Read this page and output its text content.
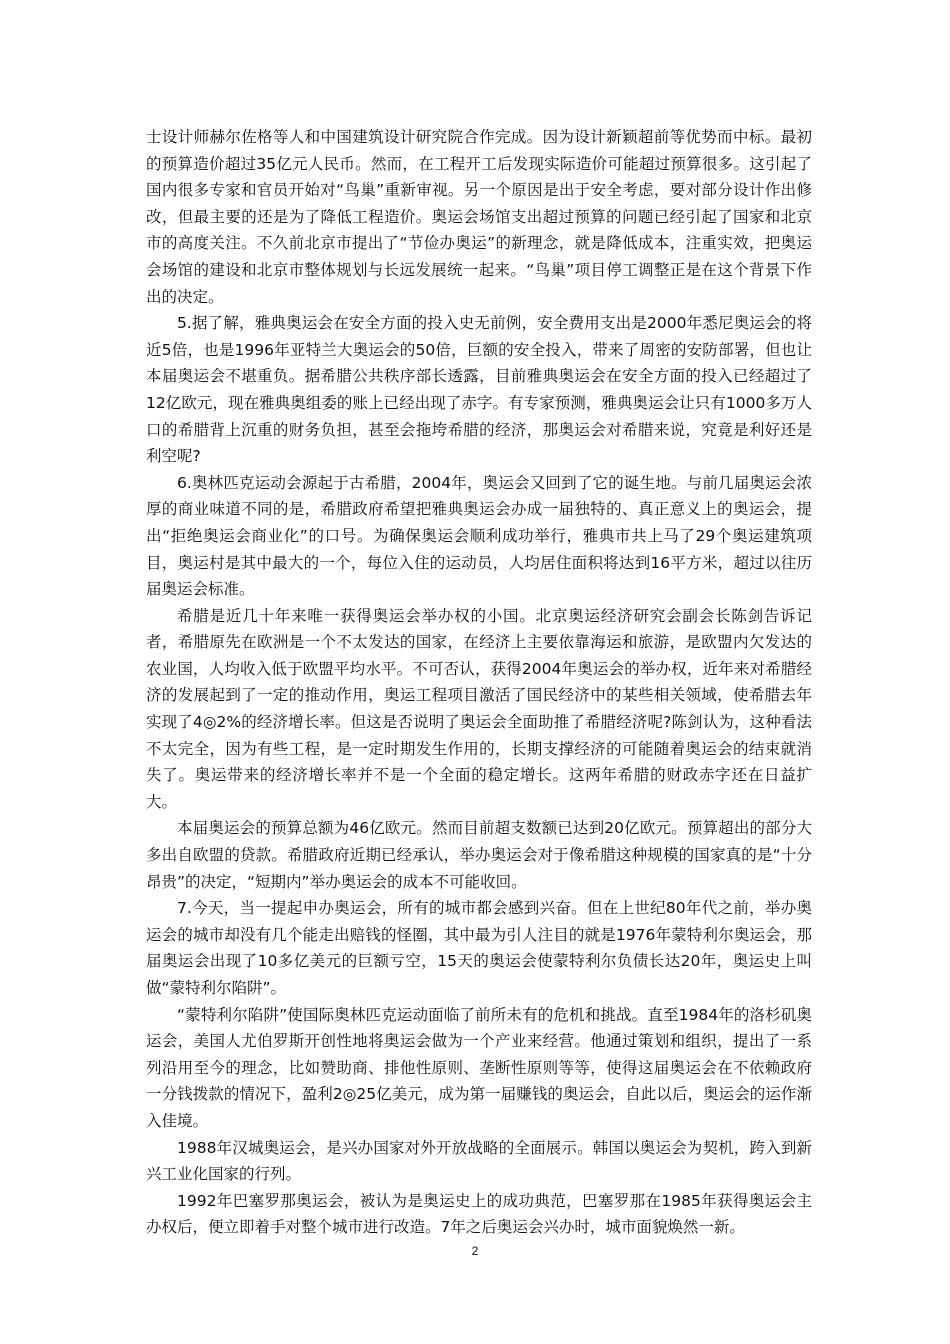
士设计师赫尔佐格等人和中国建筑设计研究院合作完成。因为设计新颖超前等优势而中标。最初的预算造价超过35亿元人民币。然而，在工程开工后发现实际造价可能超过预算很多。这引起了国内很多专家和官员开始对“鸟巢”重新审视。另一个原因是出于安全考虑，要对部分设计作出修改，但最主要的还是为了降低工程造价。奥运会场馆支出超过预算的问题已经引起了国家和北京市的高度关注。不久前北京市提出了“节俭办奥运”的新理念，就是降低成本，注重实效，把奥运会场馆的建设和北京市整体规划与长远发展统一起来。“鸟巢”项目停工调整正是在这个背景下作出的决定。

5.据了解，雅典奥运会在安全方面的投入史无前例，安全费用支出是2000年悉尼奥运会的将近5倍，也是1996年亚特兰大奥运会的50倍，巨额的安全投入，带来了周密的安防部署，但也让本届奥运会不堪重负。据希腊公共秩序部长透露，目前雅典奥运会在安全方面的投入已经超过了12亿欧元，现在雅典奥组委的账上已经出现了赤字。有专家预测，雅典奥运会让只有1000多万人口的希腊背上沉重的财务负担，甚至会拖垮希腊的经济，那奥运会对希腊来说，究竟是利好还是利空呢?

6.奥林匹克运动会源起于古希腊，2004年，奥运会又回到了它的诞生地。与前几届奥运会浓厚的商业味道不同的是，希腊政府希望把雅典奥运会办成一届独特的、真正意义上的奥运会，提出“拒绝奥运会商业化”的口号。为确保奥运会顺利成功举行，雅典市共上马了29个奥运建筑项目，奥运村是其中最大的一个，每位入住的运动员，人均居住面积将达到16平方米，超过以往历届奥运会标准。

希腊是近几十年来唯一获得奥运会举办权的小国。北京奥运经济研究会副会长陈剑告诉记者，希腊原先在欧洲是一个不太发达的国家，在经济上主要依靠海运和旅游，是欧盟内欠发达的农业国，人均收入低于欧盟平均水平。不可否认，获得2004年奥运会的举办权，近年来对希腊经济的发展起到了一定的推动作用，奥运工程项目激活了国民经济中的某些相关领域，使希腊去年实现了4◎2%的经济增长率。但这是否说明了奥运会全面助推了希腊经济呢?陈剑认为，这种看法不太完全，因为有些工程，是一定时期发生作用的，长期支撑经济的可能随着奥运会的结束就消失了。奥运带来的经济增长率并不是一个全面的稳定增长。这两年希腊的财政赤字还在日益扩大。

本届奥运会的预算总额为46亿欧元。然而目前超支数额已达到20亿欧元。预算超出的部分大多出自欧盟的贷款。希腊政府近期已经承认，举办奥运会对于像希腊这种规模的国家真的是“十分昂贵”的决定，“短期内”举办奥运会的成本不可能收回。

7.今天，当一提起申办奥运会，所有的城市都会感到兴奋。但在上世纪80年代之前，举办奥运会的城市却没有几个能走出赔钱的怪圈，其中最为引人注目的就是1976年蒙特利尔奥运会，那届奥运会出现了10多亿美元的巨额亏空，15天的奥运会使蒙特利尔负债长达20年，奥运史上叫做“蒙特利尔陷阱”。

“蒙特利尔陷阱”使国际奥林匹克运动面临了前所未有的危机和挑战。直至1984年的洛杉矶奥运会，美国人尤伯罗斯开创性地将奥运会做为一个产业来经营。他通过策划和组织，提出了一系列沿用至今的理念，比如赞助商、排他性原则、垄断性原则等等，使得这届奥运会在不依赖政府一分钱拨款的情况下，盈利2◎25亿美元，成为第一届赚钱的奥运会，自此以后，奥运会的运作渐入佳境。

1988年汉城奥运会，是兴办国家对外开放战略的全面展示。韩国以奥运会为契机，跨入到新兴工业化国家的行列。

1992年巴塞罗那奥运会，被认为是奥运史上的成功典范，巴塞罗那在1985年获得奥运会主办权后，便立即着手对整个城市进行改造。7年之后奥运会兴办时，城市面貌焕然一新。

2
